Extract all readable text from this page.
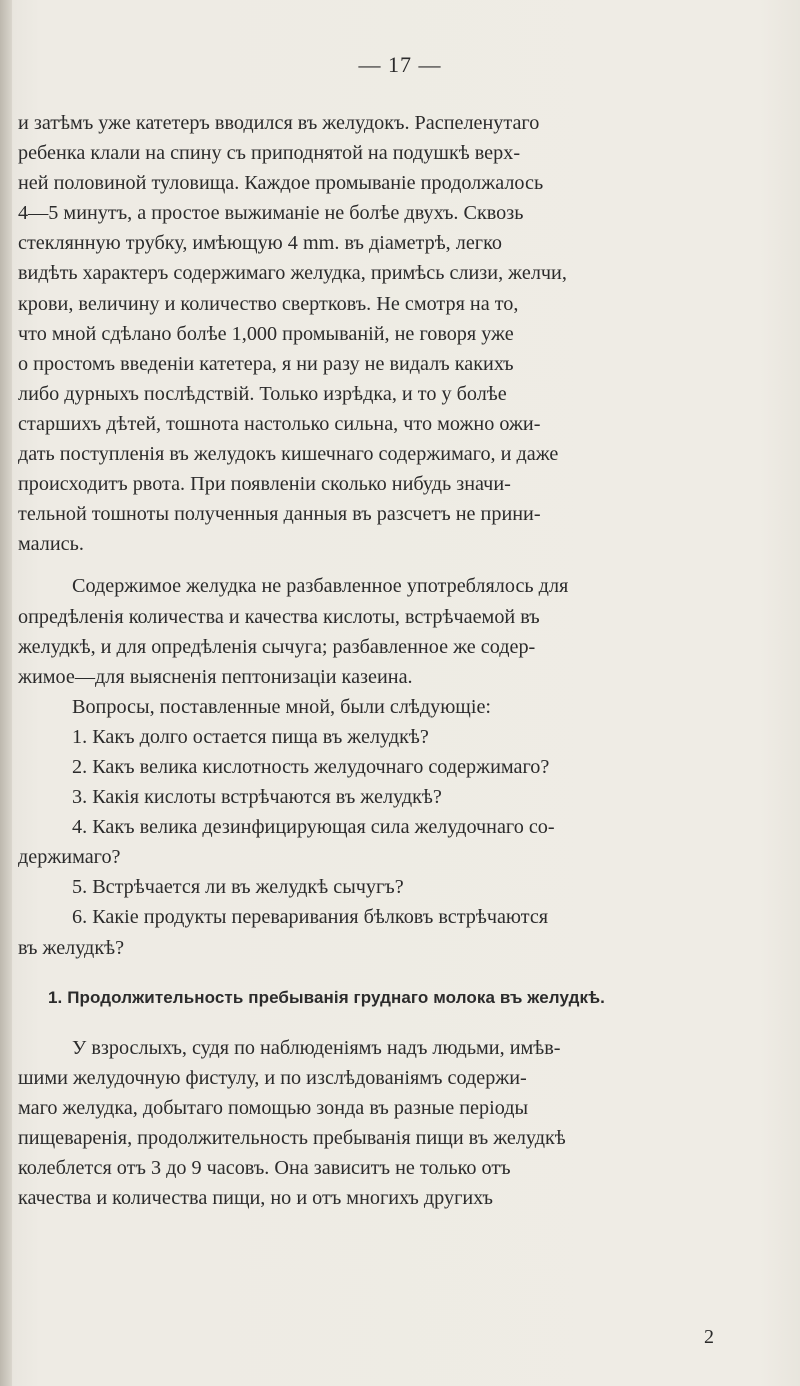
— 17 —
и затѣмъ уже катетеръ вводился въ желудокъ. Распеленутаго
ребенка клали на спину съ приподнятой на подушкѣ верх-
ней половиной туловища. Каждое промываніе продолжалось
4—5 минутъ, а простое выжиманіе не болѣе двухъ. Сквозь
стеклянную трубку, имѣющую 4 mm. въ діаметрѣ, легко
видѣть характеръ содержимаго желудка, примѣсь слизи, желчи,
крови, величину и количество свертковъ. Не смотря на то,
что мной сдѣлано болѣе 1,000 промываній, не говоря уже
о простомъ введеніи катетера, я ни разу не видалъ какихъ
либо дурныхъ послѣдствій. Только изрѣдка, и то у болѣе
старшихъ дѣтей, тошнота настолько сильна, что можно ожи-
дать поступленія въ желудокъ кишечнаго содержимаго, и даже
происходитъ рвота. При появленіи сколько нибудь значи-
тельной тошноты полученныя данныя въ разсчетъ не прини-
мались.
Содержимое желудка не разбавленное употреблялось для
опредѣленія количества и качества кислоты, встрѣчаемой въ
желудкѣ, и для опредѣленія сычуга; разбавленное же содер-
жимое—для выясненія пептонизаціи казеина.
Вопросы, поставленные мной, были слѣдующіе:
1. Какъ долго остается пища въ желудкѣ?
2. Какъ велика кислотность желудочнаго содержимаго?
3. Какія кислоты встрѣчаются въ желудкѣ?
4. Какъ велика дезинфицирующая сила желудочнаго со-
держимаго?
5. Встрѣчается ли въ желудкѣ сычугъ?
6. Какіе продукты переваривания бѣлковъ встрѣчаются
въ желудкѣ?
1. Продолжительность пребыванія груднаго молока въ желудкѣ.
У взрослыхъ, судя по наблюденіямъ надъ людьми, имѣв-
шими желудочную фистулу, и по изслѣдованіямъ содержи-
маго желудка, добытаго помощью зонда въ разные періоды
пищеваренія, продолжительность пребыванія пищи въ желудкѣ
колеблется отъ 3 до 9 часовъ. Она зависитъ не только отъ
качества и количества пищи, но и отъ многихъ другихъ
2
